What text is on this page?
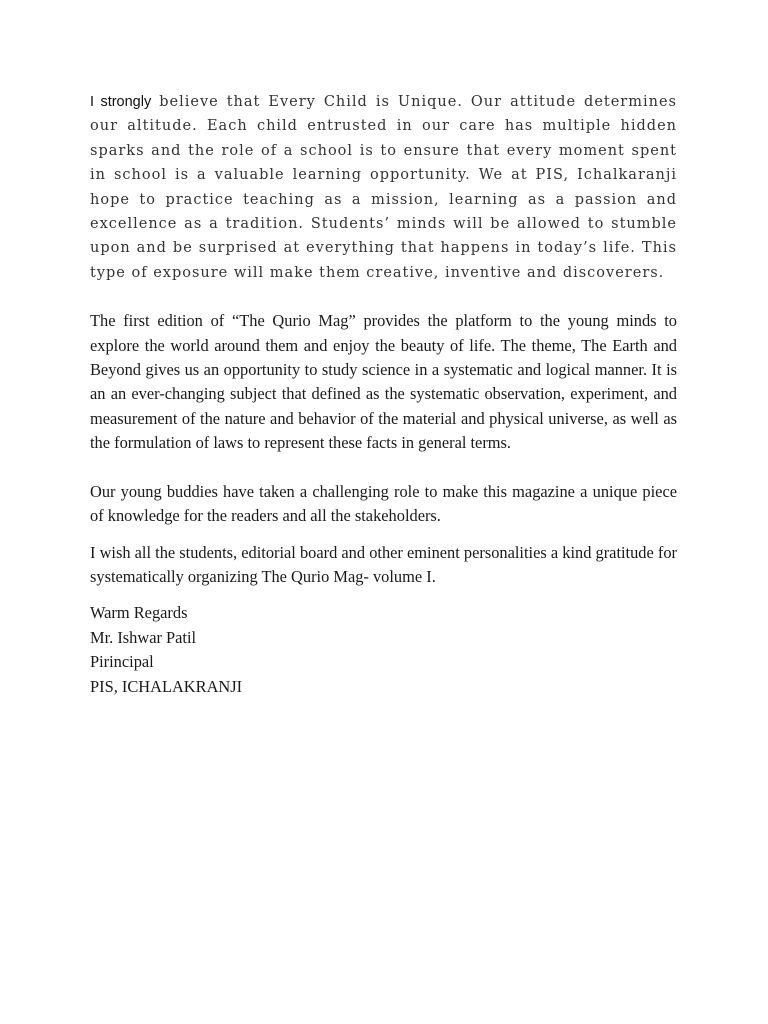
I strongly believe that Every Child is Unique. Our attitude determines our altitude. Each child entrusted in our care has multiple hidden sparks and the role of a school is to ensure that every moment spent in school is a valuable learning opportunity. We at PIS, Ichalkaranji hope to practice teaching as a mission, learning as a passion and excellence as a tradition. Students’ minds will be allowed to stumble upon and be surprised at everything that happens in today’s life. This type of exposure will make them creative, inventive and discoverers.

The first edition of “The Qurio Mag” provides the platform to the young minds to explore the world around them and enjoy the beauty of life. The theme, The Earth and Beyond gives us an opportunity to study science in a systematic and logical manner. It is an an ever-changing subject that defined as the systematic observation, experiment, and measurement of the nature and behavior of the material and physical universe, as well as the formulation of laws to represent these facts in general terms.

Our young buddies have taken a challenging role to make this magazine a unique piece of knowledge for the readers and all the stakeholders.

I wish all the students, editorial board and other eminent personalities a kind gratitude for systematically organizing The Qurio Mag- volume I.

Warm Regards
Mr. Ishwar Patil
Pirincipal
PIS, ICHALAKRANJI
